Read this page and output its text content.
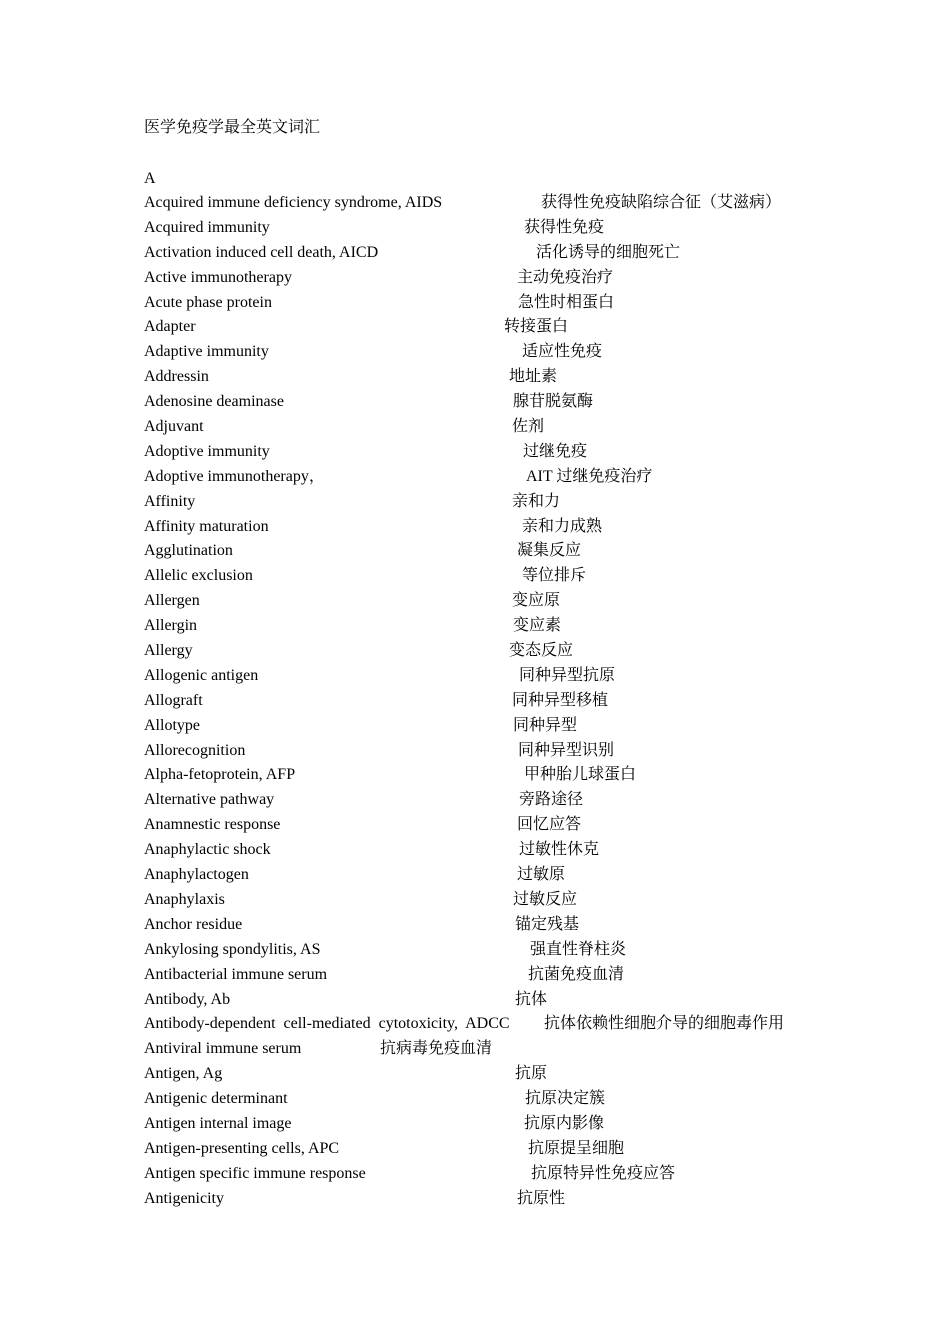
医学免疫学最全英文词汇
A
Acquired immune deficiency syndrome, AIDS	获得性免疫缺陷综合征（艾滋病）
Acquired immunity	获得性免疫
Activation induced cell death, AICD	活化诱导的细胞死亡
Active immunotherapy	主动免疫治疗
Acute phase protein	急性时相蛋白
Adapter	转接蛋白
Adaptive immunity	适应性免疫
Addressin	地址素
Adenosine deaminase	腺苷脱氨酶
Adjuvant	佐剂
Adoptive immunity	过继免疫
Adoptive immunotherapy，	AIT 过继免疫治疗
Affinity	亲和力
Affinity maturation	亲和力成熟
Agglutination	凝集反应
Allelic exclusion	等位排斥
Allergen	变应原
Allergin	变应素
Allergy	变态反应
Allogenic antigen	同种异型抗原
Allograft	同种异型移植
Allotype	同种异型
Allorecognition	同种异型识别
Alpha-fetoprotein, AFP	甲种胎儿球蛋白
Alternative pathway	旁路途径
Anamnestic response	回忆应答
Anaphylactic shock	过敏性休克
Anaphylactogen	过敏原
Anaphylaxis	过敏反应
Anchor residue	锚定残基
Ankylosing spondylitis, AS	强直性脊柱炎
Antibacterial immune serum	抗菌免疫血清
Antibody, Ab	抗体
Antibody-dependent cell-mediated cytotoxicity, ADCC 抗体依赖性细胞介导的细胞毒作用
Antiviral immune serum	抗病毒免疫血清
Antigen, Ag	抗原
Antigenic determinant	抗原决定簇
Antigen internal image	抗原内影像
Antigen-presenting cells, APC	抗原提呈细胞
Antigen specific immune response	抗原特异性免疫应答
Antigenicity	抗原性
